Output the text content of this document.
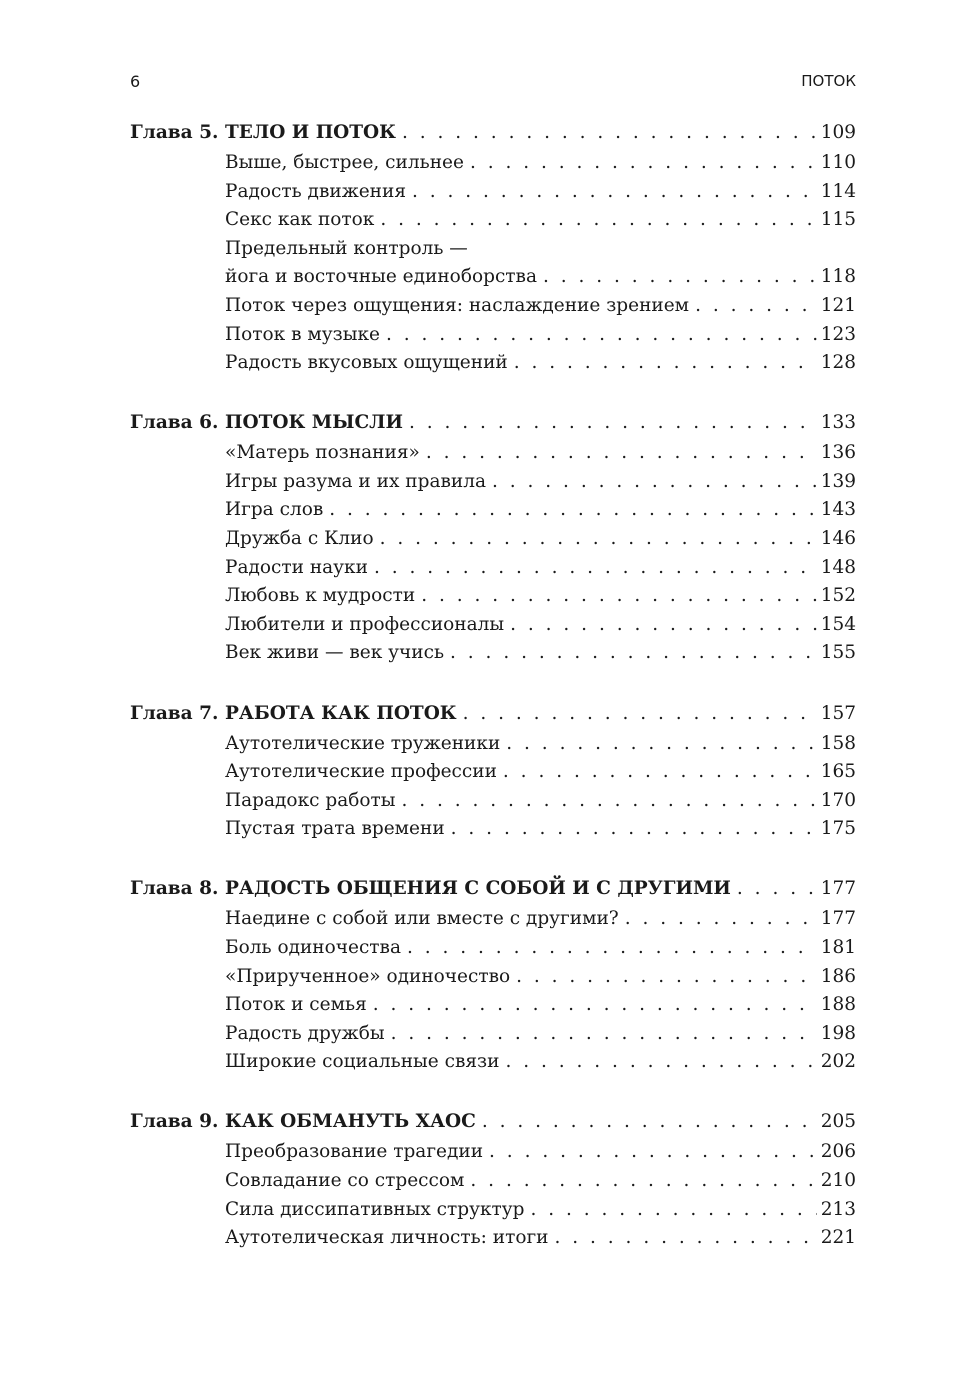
6	ПОТОК
Глава 5. ТЕЛО И ПОТОК . . .	109
Выше, быстрее, сильнее . . .	110
Радость движения . . .	114
Секс как поток . . .	115
Предельный контроль —
йога и восточные единоборства . . .	118
Поток через ощущения: наслаждение зрением . . .	121
Поток в музыке . . .	123
Радость вкусовых ощущений . . .	128
Глава 6. ПОТОК МЫСЛИ . . .	133
«Матерь познания» . . .	136
Игры разума и их правила . . .	139
Игра слов . . .	143
Дружба с Клио . . .	146
Радости науки . . .	148
Любовь к мудрости . . .	152
Любители и профессионалы . . .	154
Век живи — век учись . . .	155
Глава 7. РАБОТА КАК ПОТОК . . .	157
Аутотелические труженики . . .	158
Аутотелические профессии . . .	165
Парадокс работы . . .	170
Пустая трата времени . . .	175
Глава 8. РАДОСТЬ ОБЩЕНИЯ С СОБОЙ И С ДРУГИМИ . . .	177
Наедине с собой или вместе с другими? . . .	177
Боль одиночества . . .	181
«Прирученное» одиночество . . .	186
Поток и семья . . .	188
Радость дружбы . . .	198
Широкие социальные связи . . .	202
Глава 9. КАК ОБМАНУТЬ ХАОС . . .	205
Преобразование трагедии . . .	206
Совладание со стрессом . . .	210
Сила диссипативных структур . . .	213
Аутотелическая личность: итоги . . .	221
